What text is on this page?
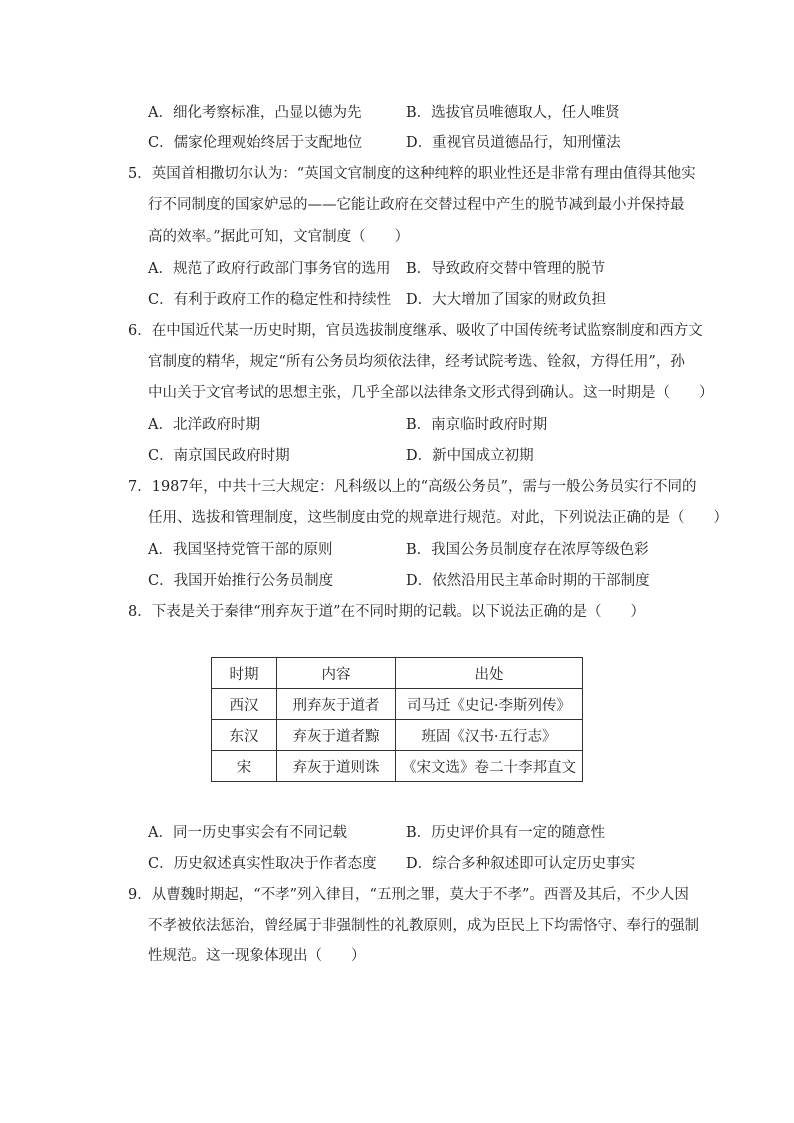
A．细化考察标准，凸显以德为先	B．选拔官员唯德取人，任人唯贤
C．儒家伦理观始终居于支配地位	D．重视官员道德品行，知刑懂法
5．英国首相撒切尔认为：“英国文官制度的这种纯粹的职业性还是非常有理由值得其他实
行不同制度的国家妒忌的——它能让政府在交替过程中产生的脱节减到最小并保持最
高的效率。”据此可知，文官制度（　　）
A．规范了政府行政部门事务官的选用 B．导致政府交替中管理的脱节
C．有利于政府工作的稳定性和持续性 D．大大增加了国家的财政负担
6．在中国近代某一历史时期，官员选拔制度继承、吸收了中国传统考试监察制度和西方文
官制度的精华，规定“所有公务员均须依法律，经考试院考选、铨叙，方得任用”，孙
中山关于文官考试的思想主张，几乎全部以法律条文形式得到确认。这一时期是（　　）
A．北洋政府时期	B．南京临时政府时期
C．南京国民政府时期	D．新中国成立初期
7．1987年，中共十三大规定：凡科级以上的“高级公务员”，需与一般公务员实行不同的
任用、选拔和管理制度，这些制度由党的规章进行规范。对此，下列说法正确的是（　　）
A．我国坚持党管干部的原则	B．我国公务员制度存在浓厚等级色彩
C．我国开始推行公务员制度	D．依然沿用民主革命时期的干部制度
8．下表是关于秦律“刑弃灰于道”在不同时期的记载。以下说法正确的是（　　）
时期	内容	出处
西汉	刑弃灰于道者	司马迁《史记·李斯列传》
东汉	弃灰于道者黥	班固《汉书·五行志》
宋	弃灰于道则诛	《宋文选》卷二十李邦直文
A．同一历史事实会有不同记载	B．历史评价具有一定的随意性
C．历史叙述真实性取决于作者态度 D．综合多种叙述即可认定历史事实
9．从曹魏时期起，“不孝”列入律目，“五刑之罪，莫大于不孝”。西晋及其后，不少人因
不孝被依法惩治，曾经属于非强制性的礼教原则，成为臣民上下均需恪守、奉行的强制
性规范。这一现象体现出（　　）
